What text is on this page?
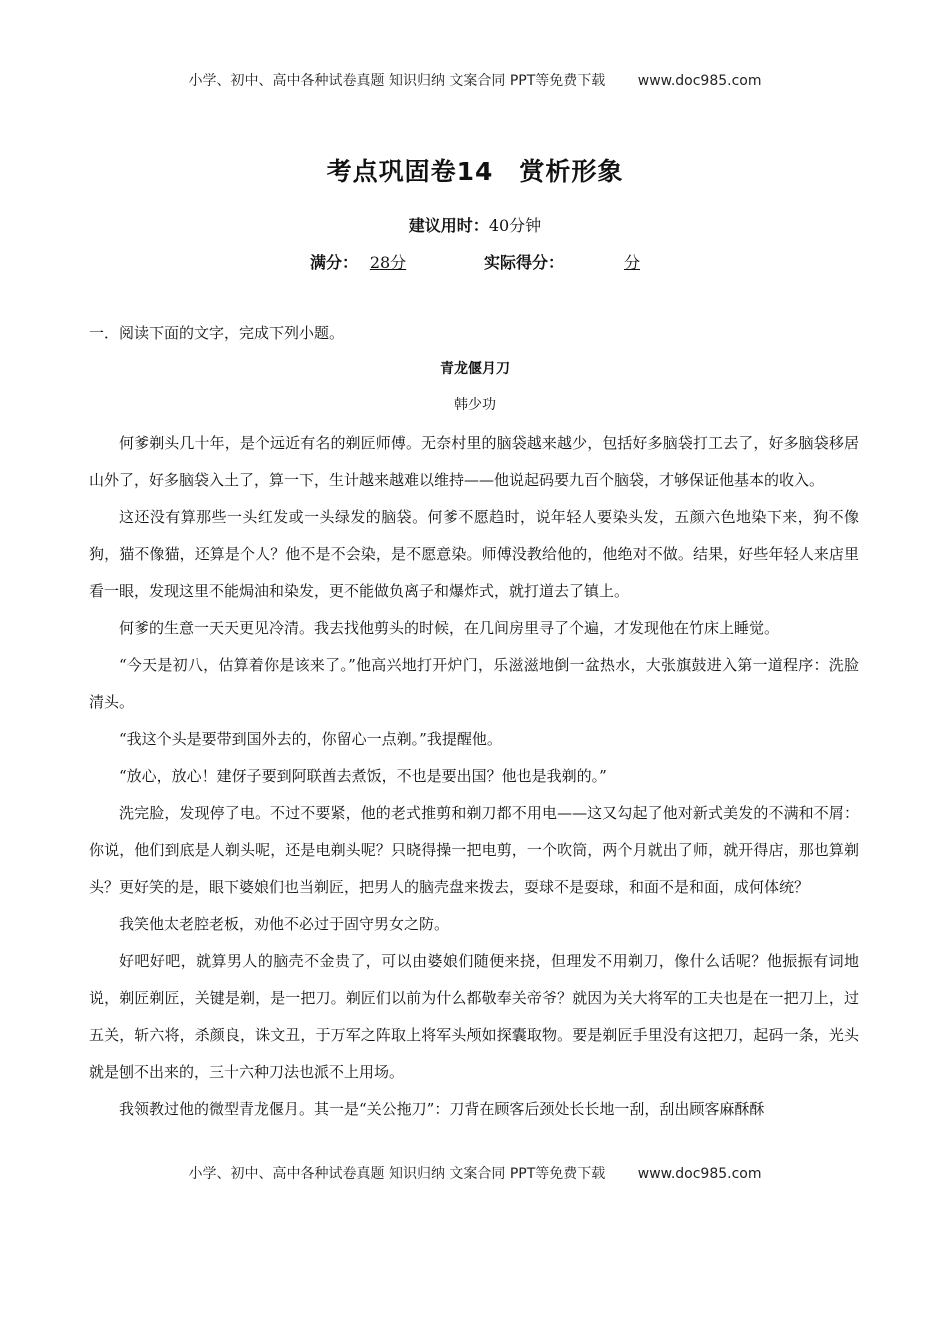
小学、初中、高中各种试卷真题 知识归纳 文案合同 PPT等免费下载 www.doc985.com
考点巩固卷14　赏析形象
建议用时：40分钟
满分： 28分	实际得分：	分
一．阅读下面的文字，完成下列小题。
青龙偃月刀
韩少功

何爹剃头几十年，是个远近有名的剃匠师傅。无奈村里的脑袋越来越少，包括好多脑袋打工去了，好多脑袋移居山外了，好多脑袋入土了，算一下，生计越来越难以维持——他说起码要九百个脑袋，才够保证他基本的收入。

这还没有算那些一头红发或一头绿发的脑袋。何爹不愿趋时，说年轻人要染头发，五颜六色地染下来，狗不像狗，猫不像猫，还算是个人？他不是不会染，是不愿意染。师傅没教给他的，他绝对不做。结果，好些年轻人来店里看一眼，发现这里不能焗油和染发，更不能做负离子和爆炸式，就打道去了镇上。

何爹的生意一天天更见冷清。我去找他剪头的时候，在几间房里寻了个遍，才发现他在竹床上睡觉。

“今天是初八，估算着你是该来了。”他高兴地打开炉门，乐滋滋地倒一盆热水，大张旗鼓进入第一道程序：洗脸清头。

“我这个头是要带到国外去的，你留心一点剃。”我提醒他。

“放心，放心！建伢子要到阿联酋去煮饭，不也是要出国？他也是我剃的。”

洗完脸，发现停了电。不过不要紧，他的老式推剪和剃刀都不用电——这又勾起了他对新式美发的不满和不屑：你说，他们到底是人剃头呢，还是电剃头呢？只晓得操一把电剪，一个吹筒，两个月就出了师，就开得店，那也算剃头？更好笑的是，眼下婆娘们也当剃匠，把男人的脑壳盘来拨去，耍球不是耍球，和面不是和面，成何体统？

我笑他太老腔老板，劝他不必过于固守男女之防。

好吧好吧，就算男人的脑壳不金贵了，可以由婆娘们随便来挠，但理发不用剃刀，像什么话呢？他振振有词地说，剃匠剃匠，关键是剃，是一把刀。剃匠们以前为什么都敬奉关帝爷？就因为关大将军的工夫也是在一把刀上，过五关，斩六将，杀颜良，诛文丑，于万军之阵取上将军头颅如探囊取物。要是剃匠手里没有这把刀，起码一条，光头就是刨不出来的，三十六种刀法也派不上用场。

我领教过他的微型青龙偃月。其一是“关公拖刀”：刀背在顾客后颈处长长地一刮，刮出顾客麻酥酥

小学、初中、高中各种试卷真题 知识归纳 文案合同 PPT等免费下载 www.doc985.com
